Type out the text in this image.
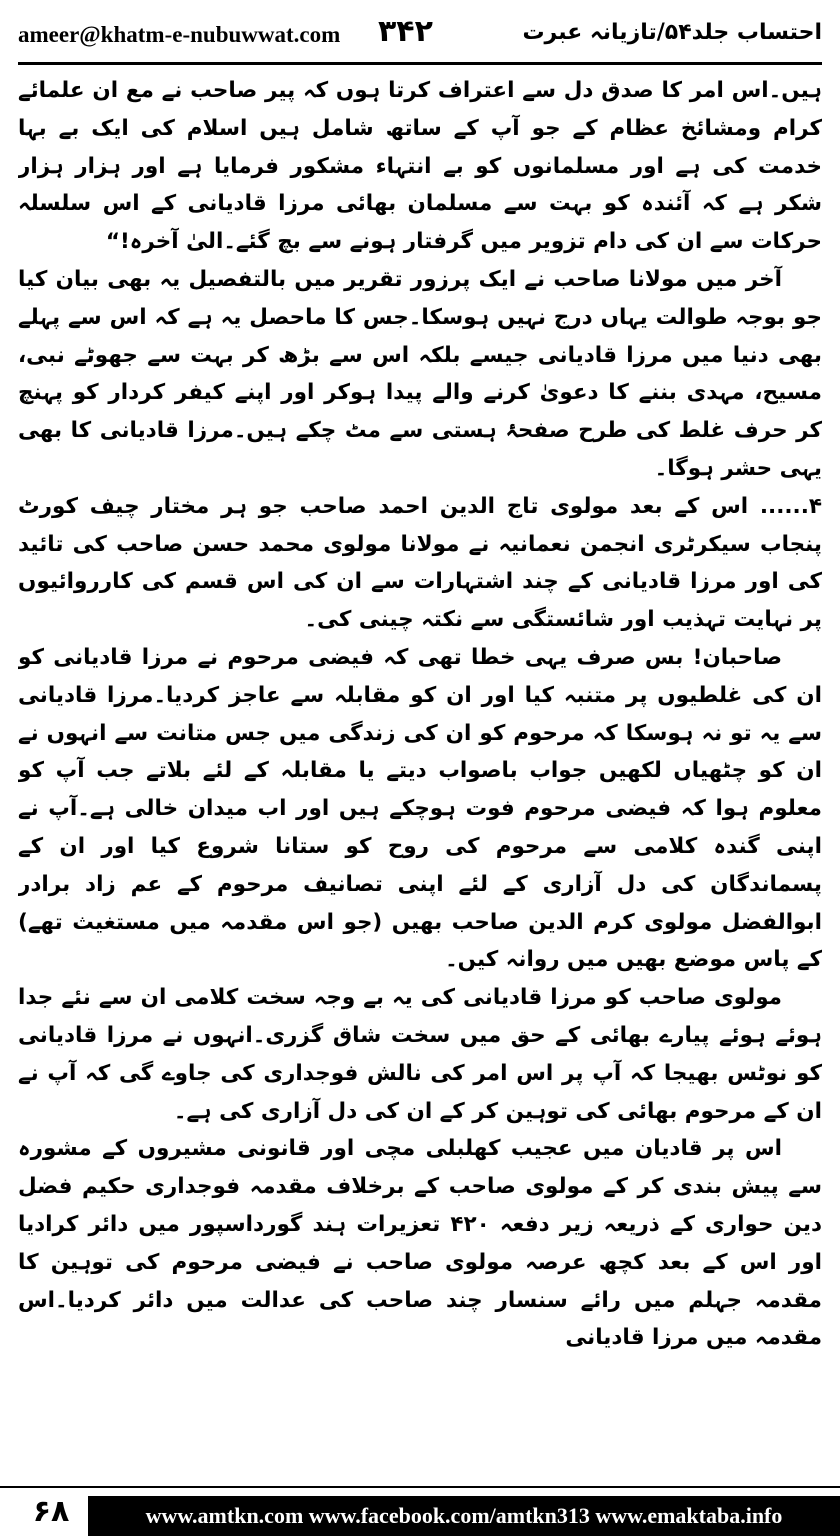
ameer@khatm-e-nubuwwat.com ۳۴۲	احتساب جلد۵۴/تازیانہ عبرت

ہیں۔اس امر کا صدق دل سے اعتراف کرتا ہوں کہ پیر صاحب نے مع ان علمائے کرام ومشائخ عظام کے جو آپ کے ساتھ شامل ہیں اسلام کی ایک بے بہا خدمت کی ہے اور مسلمانوں کو بے انتہاء مشکور فرمایا ہے اور ہزار ہزار شکر ہے کہ آئندہ کو بہت سے مسلمان بھائی مرزا قادیانی کے اس سلسلہ حرکات سے ان کی دام تزویر میں گرفتار ہونے سے بچ گئے۔الیٰ آخرہ!“

آخر میں مولانا صاحب نے ایک پرزور تقریر میں بالتفصیل یہ بھی بیان کیا جو بوجہ طوالت یہاں درج نہیں ہوسکا۔جس کا ماحصل یہ ہے کہ اس سے پہلے بھی دنیا میں مرزا قادیانی جیسے بلکہ اس سے بڑھ کر بہت سے جھوٹے نبی، مسیح، مہدی بننے کا دعویٰ کرنے والے پیدا ہوکر اور اپنے کیفر کردار کو پہنچ کر حرف غلط کی طرح صفحۂ ہستی سے مٹ چکے ہیں۔مرزا قادیانی کا بھی یہی حشر ہوگا۔

۴...... اس کے بعد مولوی تاج الدین احمد صاحب جو ہر مختار چیف کورٹ پنجاب سیکرٹری انجمن نعمانیہ نے مولانا مولوی محمد حسن صاحب کی تائید کی اور مرزا قادیانی کے چند اشتہارات سے ان کی اس قسم کی کارروائیوں پر نہایت تہذیب اور شائستگی سے نکتہ چینی کی۔

صاحبان! بس صرف یہی خطا تھی کہ فیضی مرحوم نے مرزا قادیانی کو ان کی غلطیوں پر متنبہ کیا اور ان کو مقابلہ سے عاجز کردیا۔مرزا قادیانی سے یہ تو نہ ہوسکا کہ مرحوم کو ان کی زندگی میں جس متانت سے انہوں نے ان کو چٹھیاں لکھیں جواب باصواب دیتے یا مقابلہ کے لئے بلاتے جب آپ کو معلوم ہوا کہ فیضی مرحوم فوت ہوچکے ہیں اور اب میدان خالی ہے۔آپ نے اپنی گندہ کلامی سے مرحوم کی روح کو ستانا شروع کیا اور ان کے پسماندگان کی دل آزاری کے لئے اپنی تصانیف مرحوم کے عم زاد برادر ابوالفضل مولوی کرم الدین صاحب بھیں (جو اس مقدمہ میں مستغیث تھے) کے پاس موضع بھیں میں روانہ کیں۔

مولوی صاحب کو مرزا قادیانی کی یہ بے وجہ سخت کلامی ان سے نئے جدا ہوئے ہوئے پیارے بھائی کے حق میں سخت شاق گزری۔انہوں نے مرزا قادیانی کو نوٹس بھیجا کہ آپ پر اس امر کی نالش فوجداری کی جاوے گی کہ آپ نے ان کے مرحوم بھائی کی توہین کر کے ان کی دل آزاری کی ہے۔

اس پر قادیان میں عجیب کھلبلی مچی اور قانونی مشیروں کے مشورہ سے پیش بندی کر کے مولوی صاحب کے برخلاف مقدمہ فوجداری حکیم فضل دین حواری کے ذریعہ زیر دفعہ ۴۲۰ تعزیرات ہند گورداسپور میں دائر کرادیا اور اس کے بعد کچھ عرصہ مولوی صاحب نے فیضی مرحوم کی توہین کا مقدمہ جہلم میں رائے سنسار چند صاحب کی عدالت میں دائر کردیا۔اس مقدمہ میں مرزا قادیانی

۶۸	www.amtkn.com www.facebook.com/amtkn313 www.emaktaba.info
